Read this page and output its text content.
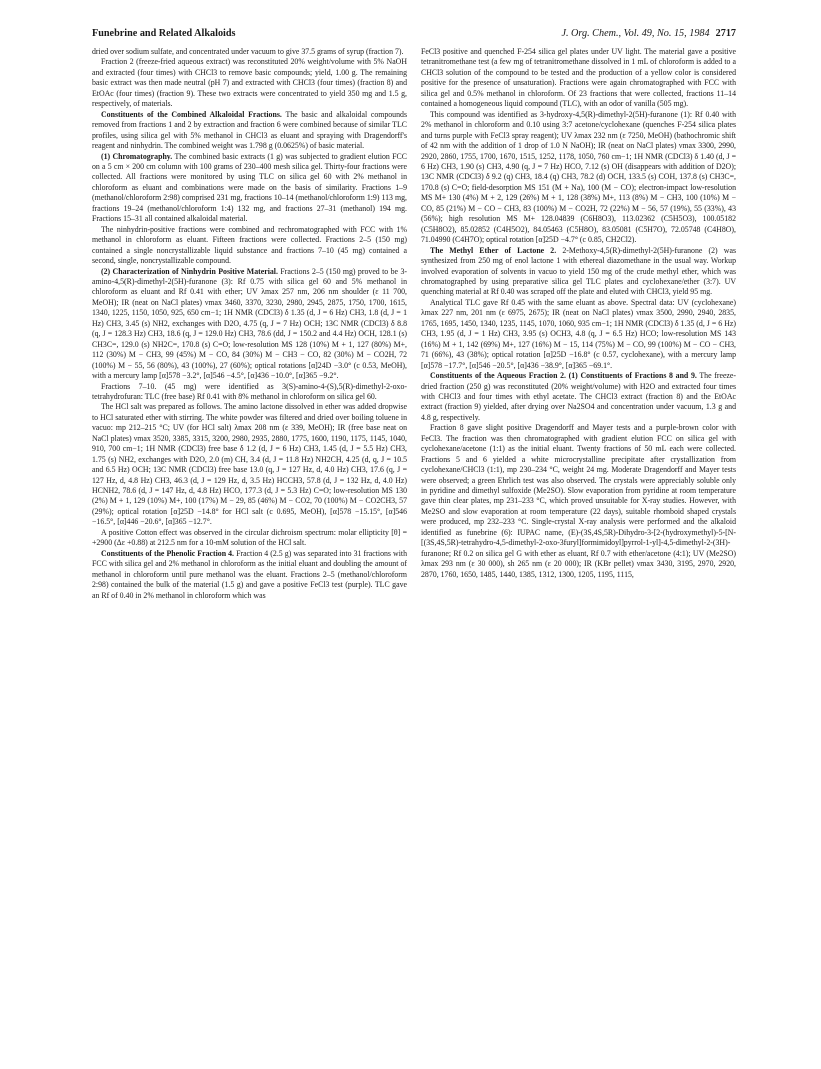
Funebrine and Related Alkaloids	J. Org. Chem., Vol. 49, No. 15, 1984 2717

dried over sodium sulfate, and concentrated under vacuum to give 37.5 grams of syrup (fraction 7).

Fraction 2 (freeze-fried aqueous extract) was reconstituted 20% weight/volume with 5% NaOH and extracted (four times) with CHCl3 to remove basic compounds; yield, 1.00 g. The remaining basic extract was then made neutral (pH 7) and extracted with CHCl3 (four times) (fraction 8) and EtOAc (four times) (fraction 9). These two extracts were concentrated to yield 350 mg and 1.5 g, respectively, of materials.

Constituents of the Combined Alkaloidal Fractions. The basic and alkaloidal compounds removed from fractions 1 and 2 by extraction and fraction 6 were combined because of similar TLC profiles, using silica gel with 5% methanol in CHCl3 as eluant and spraying with Dragendorff's reagent and ninhydrin. The combined weight was 1.798 g (0.0625%) of basic material.

(1) Chromatography. The combined basic extracts (1 g) was subjected to gradient elution FCC on a 5 cm × 200 cm column with 100 grams of 230–400 mesh silica gel. Thirty-four fractions were collected. All fractions were monitored by using TLC on silica gel 60 with 2% methanol in chloroform as eluant and combinations were made on the basis of similarity. Fractions 1–9 (methanol/chloroform 2:98) comprised 231 mg, fractions 10–14 (methanol/chloroform 1:9) 113 mg, fractions 19–24 (methanol/chloroform 1:4) 132 mg, and fractions 27–31 (methanol) 194 mg. Fractions 15–31 all contained alkaloidal material.

The ninhydrin-positive fractions were combined and rechromatographed with FCC with 1% methanol in chloroform as eluant. Fifteen fractions were collected. Fractions 2–5 (150 mg) contained a single noncrystallizable liquid substance and fractions 7–10 (45 mg) contained a second, single, noncrystallizable compound.

(2) Characterization of Ninhydrin Positive Material. Fractions 2–5 (150 mg) proved to be 3-amino-4,5(R)-dimethyl-2(5H)-furanone (3): Rf 0.75 with silica gel 60 and 5% methanol in chloroform as eluant and Rf 0.41 with ether; UV λmax 257 nm, 206 nm shoulder (ε 11 700, MeOH); IR (neat on NaCl plates) νmax 3460, 3370, 3230, 2980, 2945, 2875, 1750, 1700, 1615, 1340, 1225, 1150, 1050, 925, 650 cm−1; 1H NMR (CDCl3) δ 1.35 (d, J = 6 Hz) CH3, 1.8 (d, J = 1 Hz) CH3, 3.45 (s) NH2, exchanges with D2O, 4.75 (q, J = 7 Hz) OCH; 13C NMR (CDCl3) δ 8.8 (q, J = 128.3 Hz) CH3, 18.6 (q, J = 129.0 Hz) CH3, 78.6 (dd, J = 150.2 and 4.4 Hz) OCH, 128.1 (s) CH3C=, 129.0 (s) NH2C=, 170.8 (s) C=O; low-resolution MS 128 (10%) M + 1, 127 (80%) M+, 112 (30%) M − CH3, 99 (45%) M − CO, 84 (30%) M − CH3 − CO, 82 (30%) M − CO2H, 72 (100%) M − 55, 56 (80%), 43 (100%), 27 (60%); optical rotations [α]24D −3.0° (c 0.53, MeOH), with a mercury lamp [α]578 −3.2°, [α]546 −4.5°, [α]436 −10.0°, [α]365 −9.2°.

Fractions 7–10. (45 mg) were identified as 3(S)-amino-4-(S),5(R)-dimethyl-2-oxo-tetrahydrofuran: TLC (free base) Rf 0.41 with 8% methanol in chloroform on silica gel 60.

The HCl salt was prepared as follows. The amino lactone dissolved in ether was added dropwise to HCl saturated ether with stirring. The white powder was filtered and dried over boiling toluene in vacuo: mp 212–215 °C; UV (for HCl salt) λmax 208 nm (ε 339, MeOH); IR (free base neat on NaCl plates) νmax 3520, 3385, 3315, 3200, 2980, 2935, 2880, 1775, 1600, 1190, 1175, 1145, 1040, 910, 700 cm−1; 1H NMR (CDCl3) free base δ 1.2 (d, J = 6 Hz) CH3, 1.45 (d, J = 5.5 Hz) CH3, 1.75 (s) NH2, exchanges with D2O, 2.0 (m) CH, 3.4 (d, J = 11.8 Hz) NH2CH, 4.25 (d, q, J = 10.5 and 6.5 Hz) OCH; 13C NMR (CDCl3) free base 13.0 (q, J = 127 Hz, d, 4.0 Hz) CH3, 17.6 (q, J = 127 Hz, d, 4.8 Hz) CH3, 46.3 (d, J = 129 Hz, d, 3.5 Hz) HCCH3, 57.8 (d, J = 132 Hz, d, 4.0 Hz) HCNH2, 78.6 (d, J = 147 Hz, d, 4.8 Hz) HCO, 177.3 (d, J = 5.3 Hz) C=O; low-resolution MS 130 (2%) M + 1, 129 (10%) M+, 100 (17%) M − 29, 85 (46%) M − CO2, 70 (100%) M − CO2CH3, 57 (29%); optical rotation [α]25D −14.8° for HCl salt (c 0.695, MeOH), [α]578 −15.15°, [α]546 −16.5°, [α]446 −20.6°, [α]365 −12.7°.

A positive Cotton effect was observed in the circular dichroism spectrum: molar ellipticity [θ] = +2900 (Δε +0.88) at 212.5 nm for a 10-mM solution of the HCl salt.

Constituents of the Phenolic Fraction 4. Fraction 4 (2.5 g) was separated into 31 fractions with FCC with silica gel and 2% methanol in chloroform as the initial eluant and doubling the amount of methanol in chloroform until pure methanol was the eluant. Fractions 2–5 (methanol/chloroform 2:98) contained the bulk of the material (1.5 g) and gave a positive FeCl3 test (purple). TLC gave an Rf of 0.40 in 2% methanol in chloroform which was

FeCl3 positive and quenched F-254 silica gel plates under UV light. The material gave a positive tetranitromethane test (a few mg of tetranitromethane dissolved in 1 mL of chloroform is added to a CHCl3 solution of the compound to be tested and the production of a yellow color is considered positive for the presence of unsaturation). Fractions were again chromatographed with FCC with silica gel and 0.5% methanol in chloroform. Of 23 fractions that were collected, fractions 11–14 contained a homogeneous liquid compound (TLC), with an odor of vanilla (505 mg).

This compound was identified as 3-hydroxy-4,5(R)-dimethyl-2(5H)-furanone (1): Rf 0.40 with 2% methanol in chloroform and 0.10 using 3:7 acetone/cyclohexane (quenches F-254 silica plates and turns purple with FeCl3 spray reagent); UV λmax 232 nm (ε 7250, MeOH) (bathochromic shift of 42 nm with the addition of 1 drop of 1.0 N NaOH); IR (neat on NaCl plates) νmax 3300, 2990, 2920, 2860, 1755, 1700, 1670, 1515, 1252, 1178, 1050, 760 cm−1; 1H NMR (CDCl3) δ 1.40 (d, J = 6 Hz) CH3, 1.90 (s) CH3, 4.90 (q, J = 7 Hz) HCO, 7.12 (s) OH (disappears with addition of D2O); 13C NMR (CDCl3) δ 9.2 (q) CH3, 18.4 (q) CH3, 78.2 (d) OCH, 133.5 (s) COH, 137.8 (s) CH3C=, 170.8 (s) C=O; field-desorption MS 151 (M + Na), 100 (M − CO); electron-impact low-resolution MS M+ 130 (4%) M + 2, 129 (26%) M + 1, 128 (38%) M+, 113 (8%) M − CH3, 100 (10%) M − CO, 85 (21%) M − CO − CH3, 83 (100%) M − CO2H, 72 (22%) M − 56, 57 (19%), 55 (33%), 43 (56%); high resolution MS M+ 128.04839 (C6H8O3), 113.02362 (C5H5O3), 100.05182 (C5H8O2), 85.02852 (C4H5O2), 84.05463 (C5H8O), 83.05081 (C5H7O), 72.05748 (C4H8O), 71.04990 (C4H7O); optical rotation [α]25D −4.7° (c 0.85, CH2Cl2).

The Methyl Ether of Lactone 2. 2-Methoxy-4,5(R)-dimethyl-2(5H)-furanone (2) was synthesized from 250 mg of enol lactone 1 with ethereal diazomethane in the usual way. Workup involved evaporation of solvents in vacuo to yield 150 mg of the crude methyl ether, which was chromatographed by using preparative silica gel TLC plates and cyclohexane/ether (3:7). UV quenching material at Rf 0.40 was scraped off the plate and eluted with CHCl3, yield 95 mg.

Analytical TLC gave Rf 0.45 with the same eluant as above. Spectral data: UV (cyclohexane) λmax 227 nm, 201 nm (ε 6975, 2675); IR (neat on NaCl plates) νmax 3500, 2990, 2940, 2835, 1765, 1695, 1450, 1340, 1235, 1145, 1070, 1060, 935 cm−1; 1H NMR (CDCl3) δ 1.35 (d, J = 6 Hz) CH3, 1.95 (d, J = 1 Hz) CH3, 3.95 (s) OCH3, 4.8 (q, J = 6.5 Hz) HCO; low-resolution MS 143 (16%) M + 1, 142 (69%) M+, 127 (16%) M − 15, 114 (75%) M − CO, 99 (100%) M − CO − CH3, 71 (66%), 43 (38%); optical rotation [α]25D −16.8° (c 0.57, cyclohexane), with a mercury lamp [α]578 −17.7°, [α]546 −20.5°, [α]436 −38.9°, [α]365 −69.1°.

Constituents of the Aqueous Fraction 2. (1) Constituents of Fractions 8 and 9. The freeze-dried fraction (250 g) was reconstituted (20% weight/volume) with H2O and extracted four times with CHCl3 and four times with ethyl acetate. The CHCl3 extract (fraction 8) and the EtOAc extract (fraction 9) yielded, after drying over Na2SO4 and concentration under vacuum, 1.3 g and 4.8 g, respectively.

Fraction 8 gave slight positive Dragendorff and Mayer tests and a purple-brown color with FeCl3. The fraction was then chromatographed with gradient elution FCC on silica gel with cyclohexane/acetone (1:1) as the initial eluant. Twenty fractions of 50 mL each were collected. Fractions 5 and 6 yielded a white microcrystalline precipitate after crystallization from cyclohexane/CHCl3 (1:1), mp 230–234 °C, weight 24 mg. Moderate Dragendorff and Mayer tests were observed; a green Ehrlich test was also observed. The crystals were appreciably soluble only in pyridine and dimethyl sulfoxide (Me2SO). Slow evaporation from pyridine at room temperature gave thin clear plates, mp 231–233 °C, which proved unsuitable for X-ray studies. However, with Me2SO and slow evaporation at room temperature (22 days), suitable rhomboid shaped crystals were produced, mp 232–233 °C. Single-crystal X-ray analysis were performed and the alkaloid identified as funebrine (6): IUPAC name, (E)-(3S,4S,5R)-Dihydro-3-[2-(hydroxymethyl)-5-[N-[(3S,4S,5R)-tetrahydro-4,5-dimethyl-2-oxo-3furyl]formimidoyl]pyrrol-1-yl]-4,5-dimethyl-2-(3H)-furanone; Rf 0.2 on silica gel G with ether as eluant, Rf 0.7 with ether/acetone (4:1); UV (Me2SO) λmax 293 nm (ε 30 000), sh 265 nm (ε 20 000); IR (KBr pellet) νmax 3430, 3195, 2970, 2920, 2870, 1760, 1650, 1485, 1440, 1385, 1312, 1300, 1205, 1195, 1115,
